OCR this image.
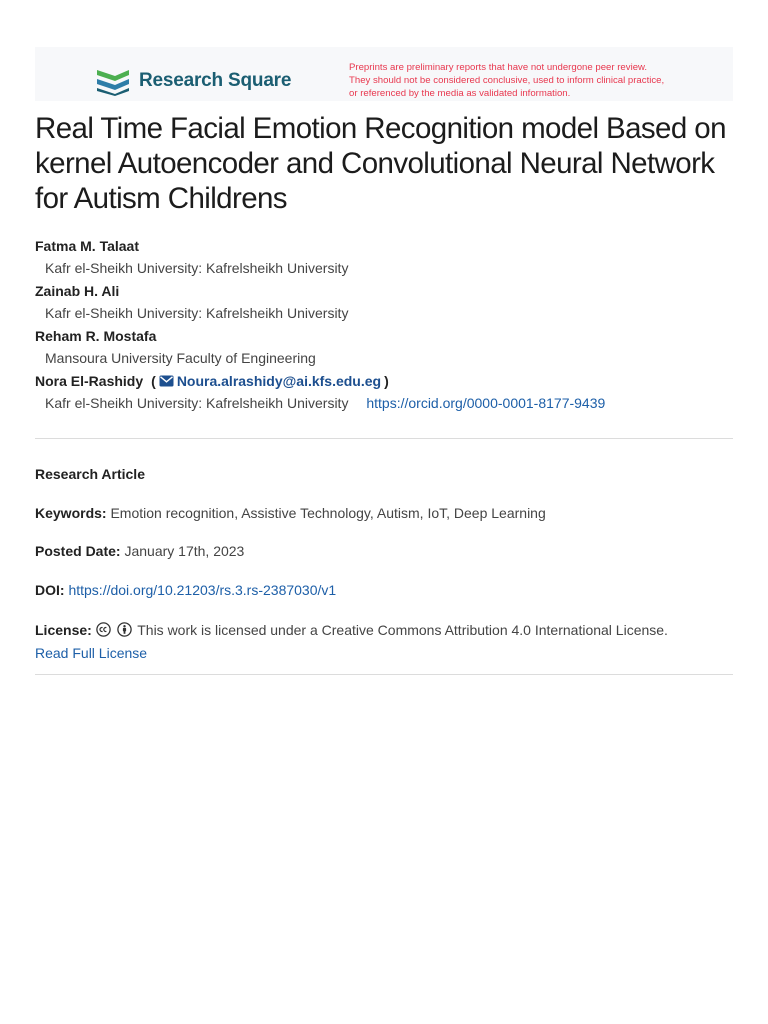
Research Square
Preprints are preliminary reports that have not undergone peer review.
They should not be considered conclusive, used to inform clinical practice,
or referenced by the media as validated information.
Real Time Facial Emotion Recognition model Based on kernel Autoencoder and Convolutional Neural Network for Autism Childrens
Fatma M. Talaat
Kafr el-Sheikh University: Kafrelsheikh University
Zainab H. Ali
Kafr el-Sheikh University: Kafrelsheikh University
Reham R. Mostafa
Mansoura University Faculty of Engineering
Nora El-Rashidy ( Noura.alrashidy@ai.kfs.edu.eg )
Kafr el-Sheikh University: Kafrelsheikh University https://orcid.org/0000-0001-8177-9439
Research Article
Keywords: Emotion recognition, Assistive Technology, Autism, IoT, Deep Learning
Posted Date: January 17th, 2023
DOI: https://doi.org/10.21203/rs.3.rs-2387030/v1
License:	This work is licensed under a Creative Commons Attribution 4.0 International License.
Read Full License
